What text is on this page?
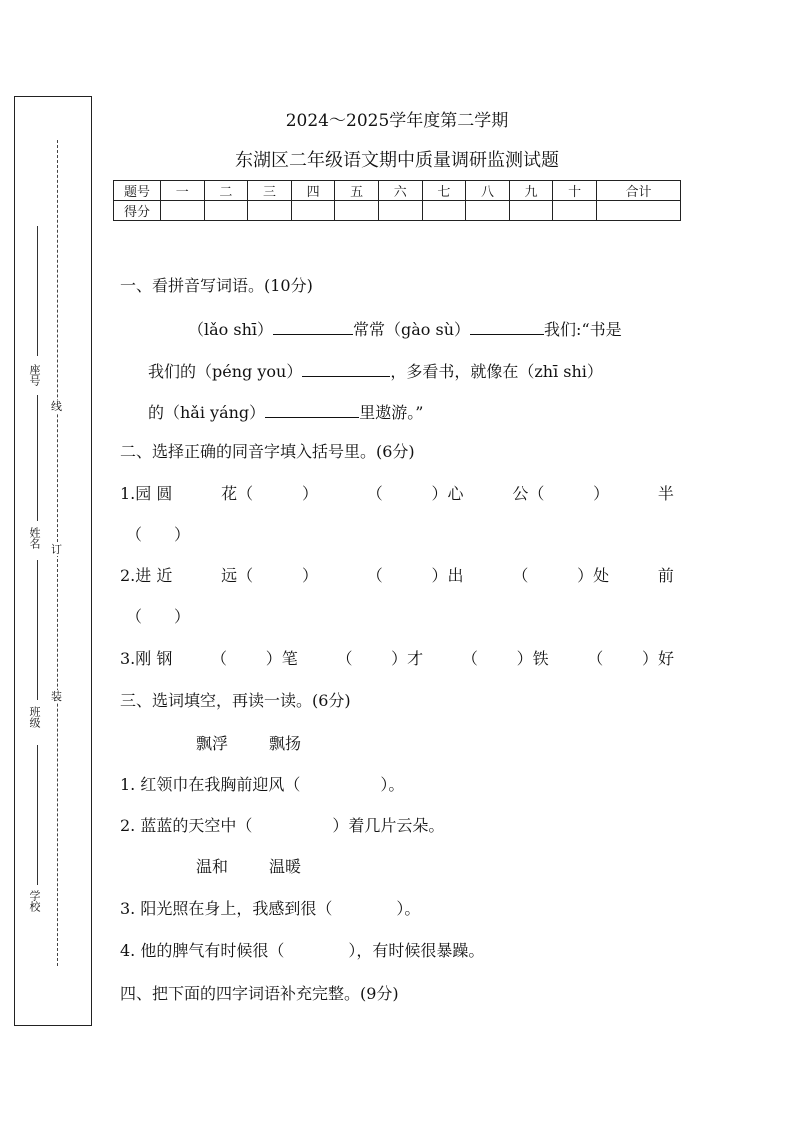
座号
姓名
班级
学校
线
订
装
2024～2025学年度第二学期
东湖区二年级语文期中质量调研监测试题
题号	一	二	三	四	五	六	七	八	九	十	合计
得分											
一、看拼音写词语。(10分)
（lǎo shī）	常常（gào sù）	我们:“书是
我们的（péng you）	，多看书，就像在（zhī shi）
的（hǎi yáng）	里遨游。”
二、选择正确的同音字填入括号里。(6分)
1.园 圆	花（	）	（	）心	公（	）	半
（　　）
2.进 近	远（	）	（	）出	（	）处	前
（　　）
3.刚 钢 （ ）笔 （ ）才 （ ）铁 （ ）好
三、选词填空，再读一读。(6分)
飘浮	飘扬
1. 红领巾在我胸前迎风（　　　　　）。
2. 蓝蓝的天空中（　　　　　）着几片云朵。
温和	温暖
3. 阳光照在身上，我感到很（　　　　）。
4. 他的脾气有时候很（　　　　），有时候很暴躁。
四、把下面的四字词语补充完整。(9分)
